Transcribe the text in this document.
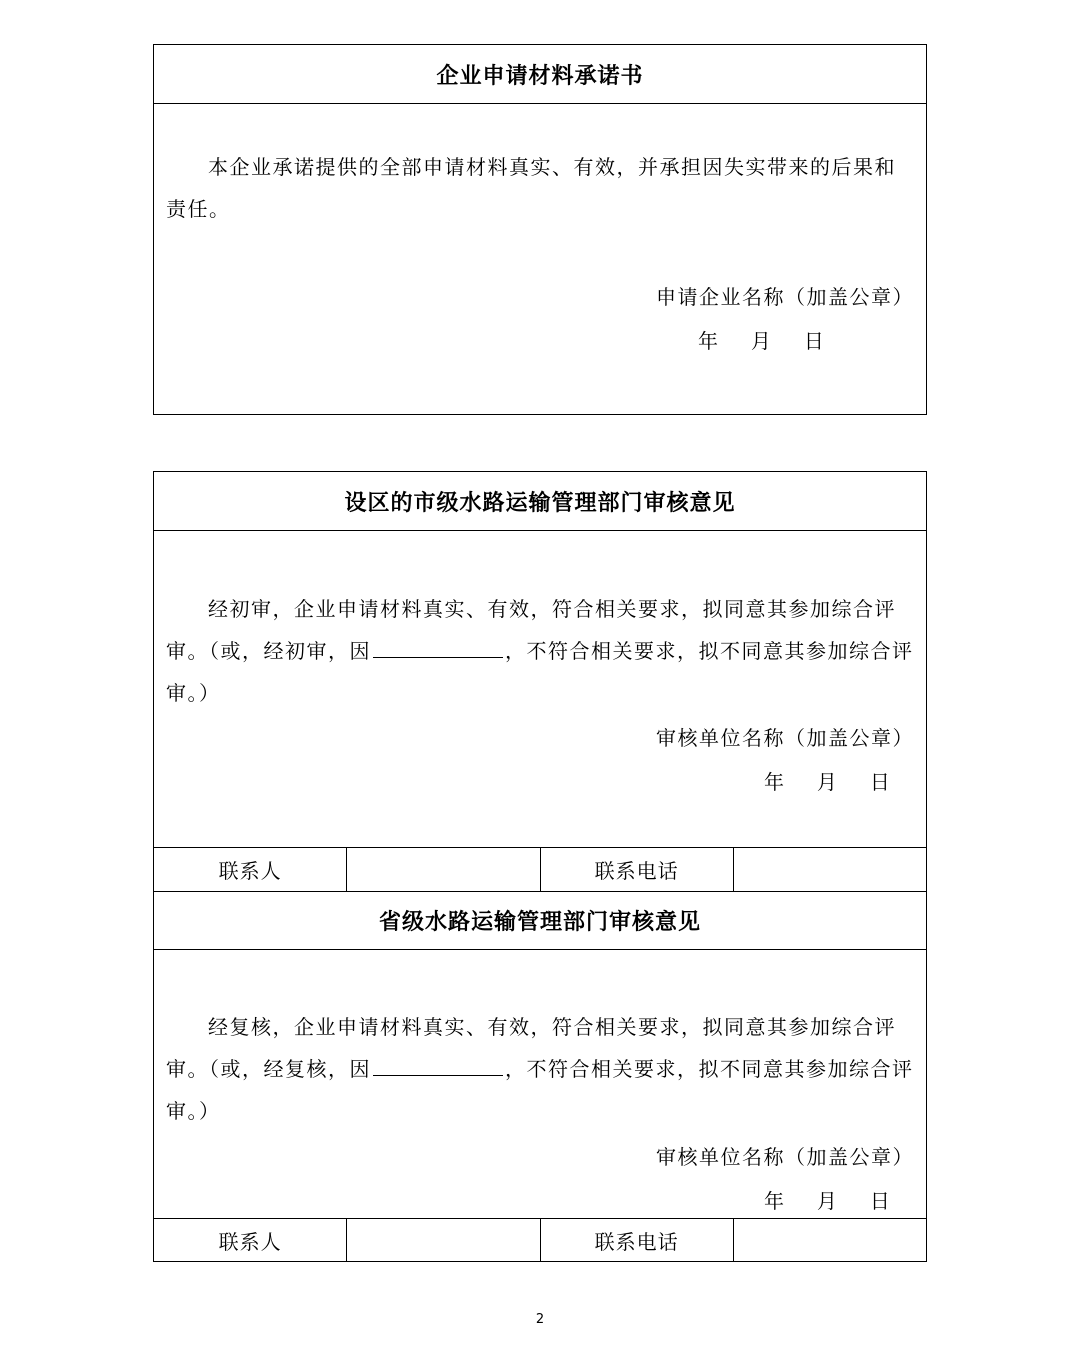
企业申请材料承诺书
本企业承诺提供的全部申请材料真实、有效，并承担因失实带来的后果和责任。
申请企业名称（加盖公章）
年    月    日
设区的市级水路运输管理部门审核意见
经初审，企业申请材料真实、有效，符合相关要求，拟同意其参加综合评审。（或，经初审，因	，不符合相关要求，拟不同意其参加综合评审。）
审核单位名称（加盖公章）
年    月    日
联系人	联系电话
省级水路运输管理部门审核意见
经复核，企业申请材料真实、有效，符合相关要求，拟同意其参加综合评审。（或，经复核，因	，不符合相关要求，拟不同意其参加综合评审。）
审核单位名称（加盖公章）
年    月    日
联系人	联系电话
2
